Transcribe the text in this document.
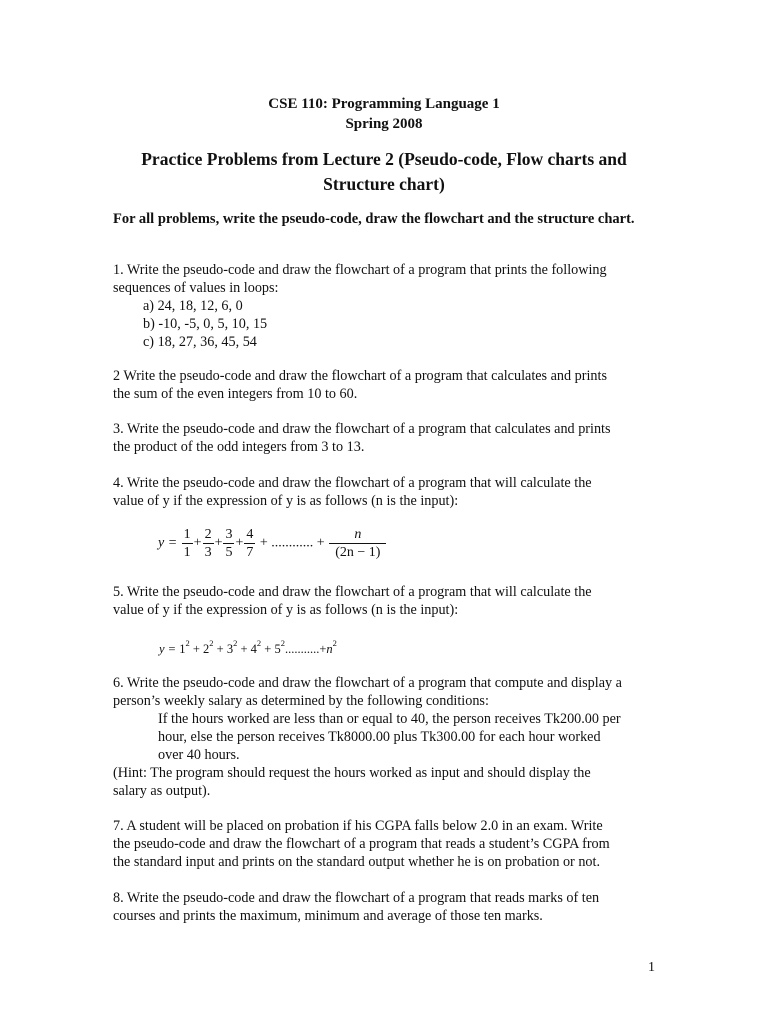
CSE 110: Programming Language 1
Spring 2008
Practice Problems from Lecture 2 (Pseudo-code, Flow charts and
Structure chart)
For all problems, write the pseudo-code, draw the flowchart and the structure chart.
1. Write the pseudo-code and draw the flowchart of a program that prints the following
sequences of values in loops:
a) 24, 18, 12, 6, 0
b) -10, -5, 0, 5, 10, 15
c) 18, 27, 36, 45, 54
2 Write the pseudo-code and draw the flowchart of a program that calculates and prints
the sum of the even integers from 10 to 60.
3. Write the pseudo-code and draw the flowchart of a program that calculates and prints
the product of the odd integers from 3 to 13.
4. Write the pseudo-code and draw the flowchart of a program that will calculate the
value of y if the expression of y is as follows (n is the input):
$y = \frac{1}{1} + \frac{2}{3} + \frac{3}{5} + \frac{4}{7}$ + ............ + $\frac{n}{(2n - 1)}$
5. Write the pseudo-code and draw the flowchart of a program that will calculate the
value of y if the expression of y is as follows (n is the input):
$y = 1^2 + 2^2 + 3^2 + 4^2 + 5^2...........+n^2$
6. Write the pseudo-code and draw the flowchart of a program that compute and display a
person’s weekly salary as determined by the following conditions:
If the hours worked are less than or equal to 40, the person receives Tk200.00 per
hour, else the person receives Tk8000.00 plus Tk300.00 for each hour worked
over 40 hours.
(Hint: The program should request the hours worked as input and should display the
salary as output).
7. A student will be placed on probation if his CGPA falls below 2.0 in an exam. Write
the pseudo-code and draw the flowchart of a program that reads a student’s CGPA from
the standard input and prints on the standard output whether he is on probation or not.
8. Write the pseudo-code and draw the flowchart of a program that reads marks of ten
courses and prints the maximum, minimum and average of those ten marks.
1
